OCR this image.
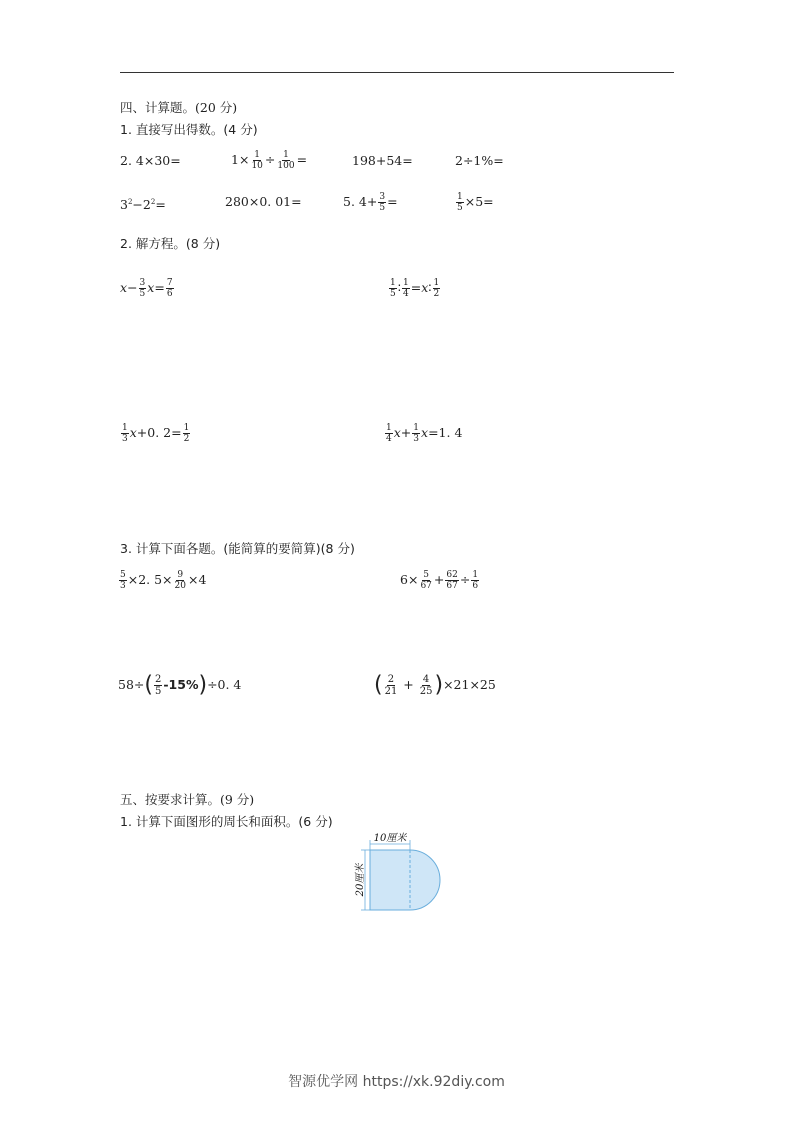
四、计算题。(20 分)
1. 直接写出得数。(4 分)
2. 4×30=	$1\times \frac{1}{10} \div \frac{1}{100}$ =	198+54=	2÷1%=
$3^2-2^2=$	280×0. 01=	5. $4+ \frac{3}{5}$ =	$\frac{1}{5} \times 5=$
2. 解方程。(8 分)
$x- \frac{3}{5} x= \frac{7}{6}$	$\frac{1}{5}$ ∶ $\frac{1}{4}$ =x∶ $\frac{1}{2}$
$\frac{1}{3} x+0$. $2= \frac{1}{2}$	$\frac{1}{4} x+ \frac{1}{3} x=1$. 4
3. 计算下面各题。(能简算的要简算)(8 分)
$\frac{5}{3} \times 2$. $5\times \frac{9}{20} \times 4$	$6\times \frac{5}{67} + \frac{62}{67} \div \frac{1}{6}$
$58\div( \frac{2}{5} -15\%)\div 0$. 4	( $\frac{2}{21} + \frac{4}{25} )\times 21\times 25$
五、按要求计算。(9 分)
1. 计算下面图形的周长和面积。(6 分)
10厘米
20厘米
智源优学网 https://xk.92diy.com
